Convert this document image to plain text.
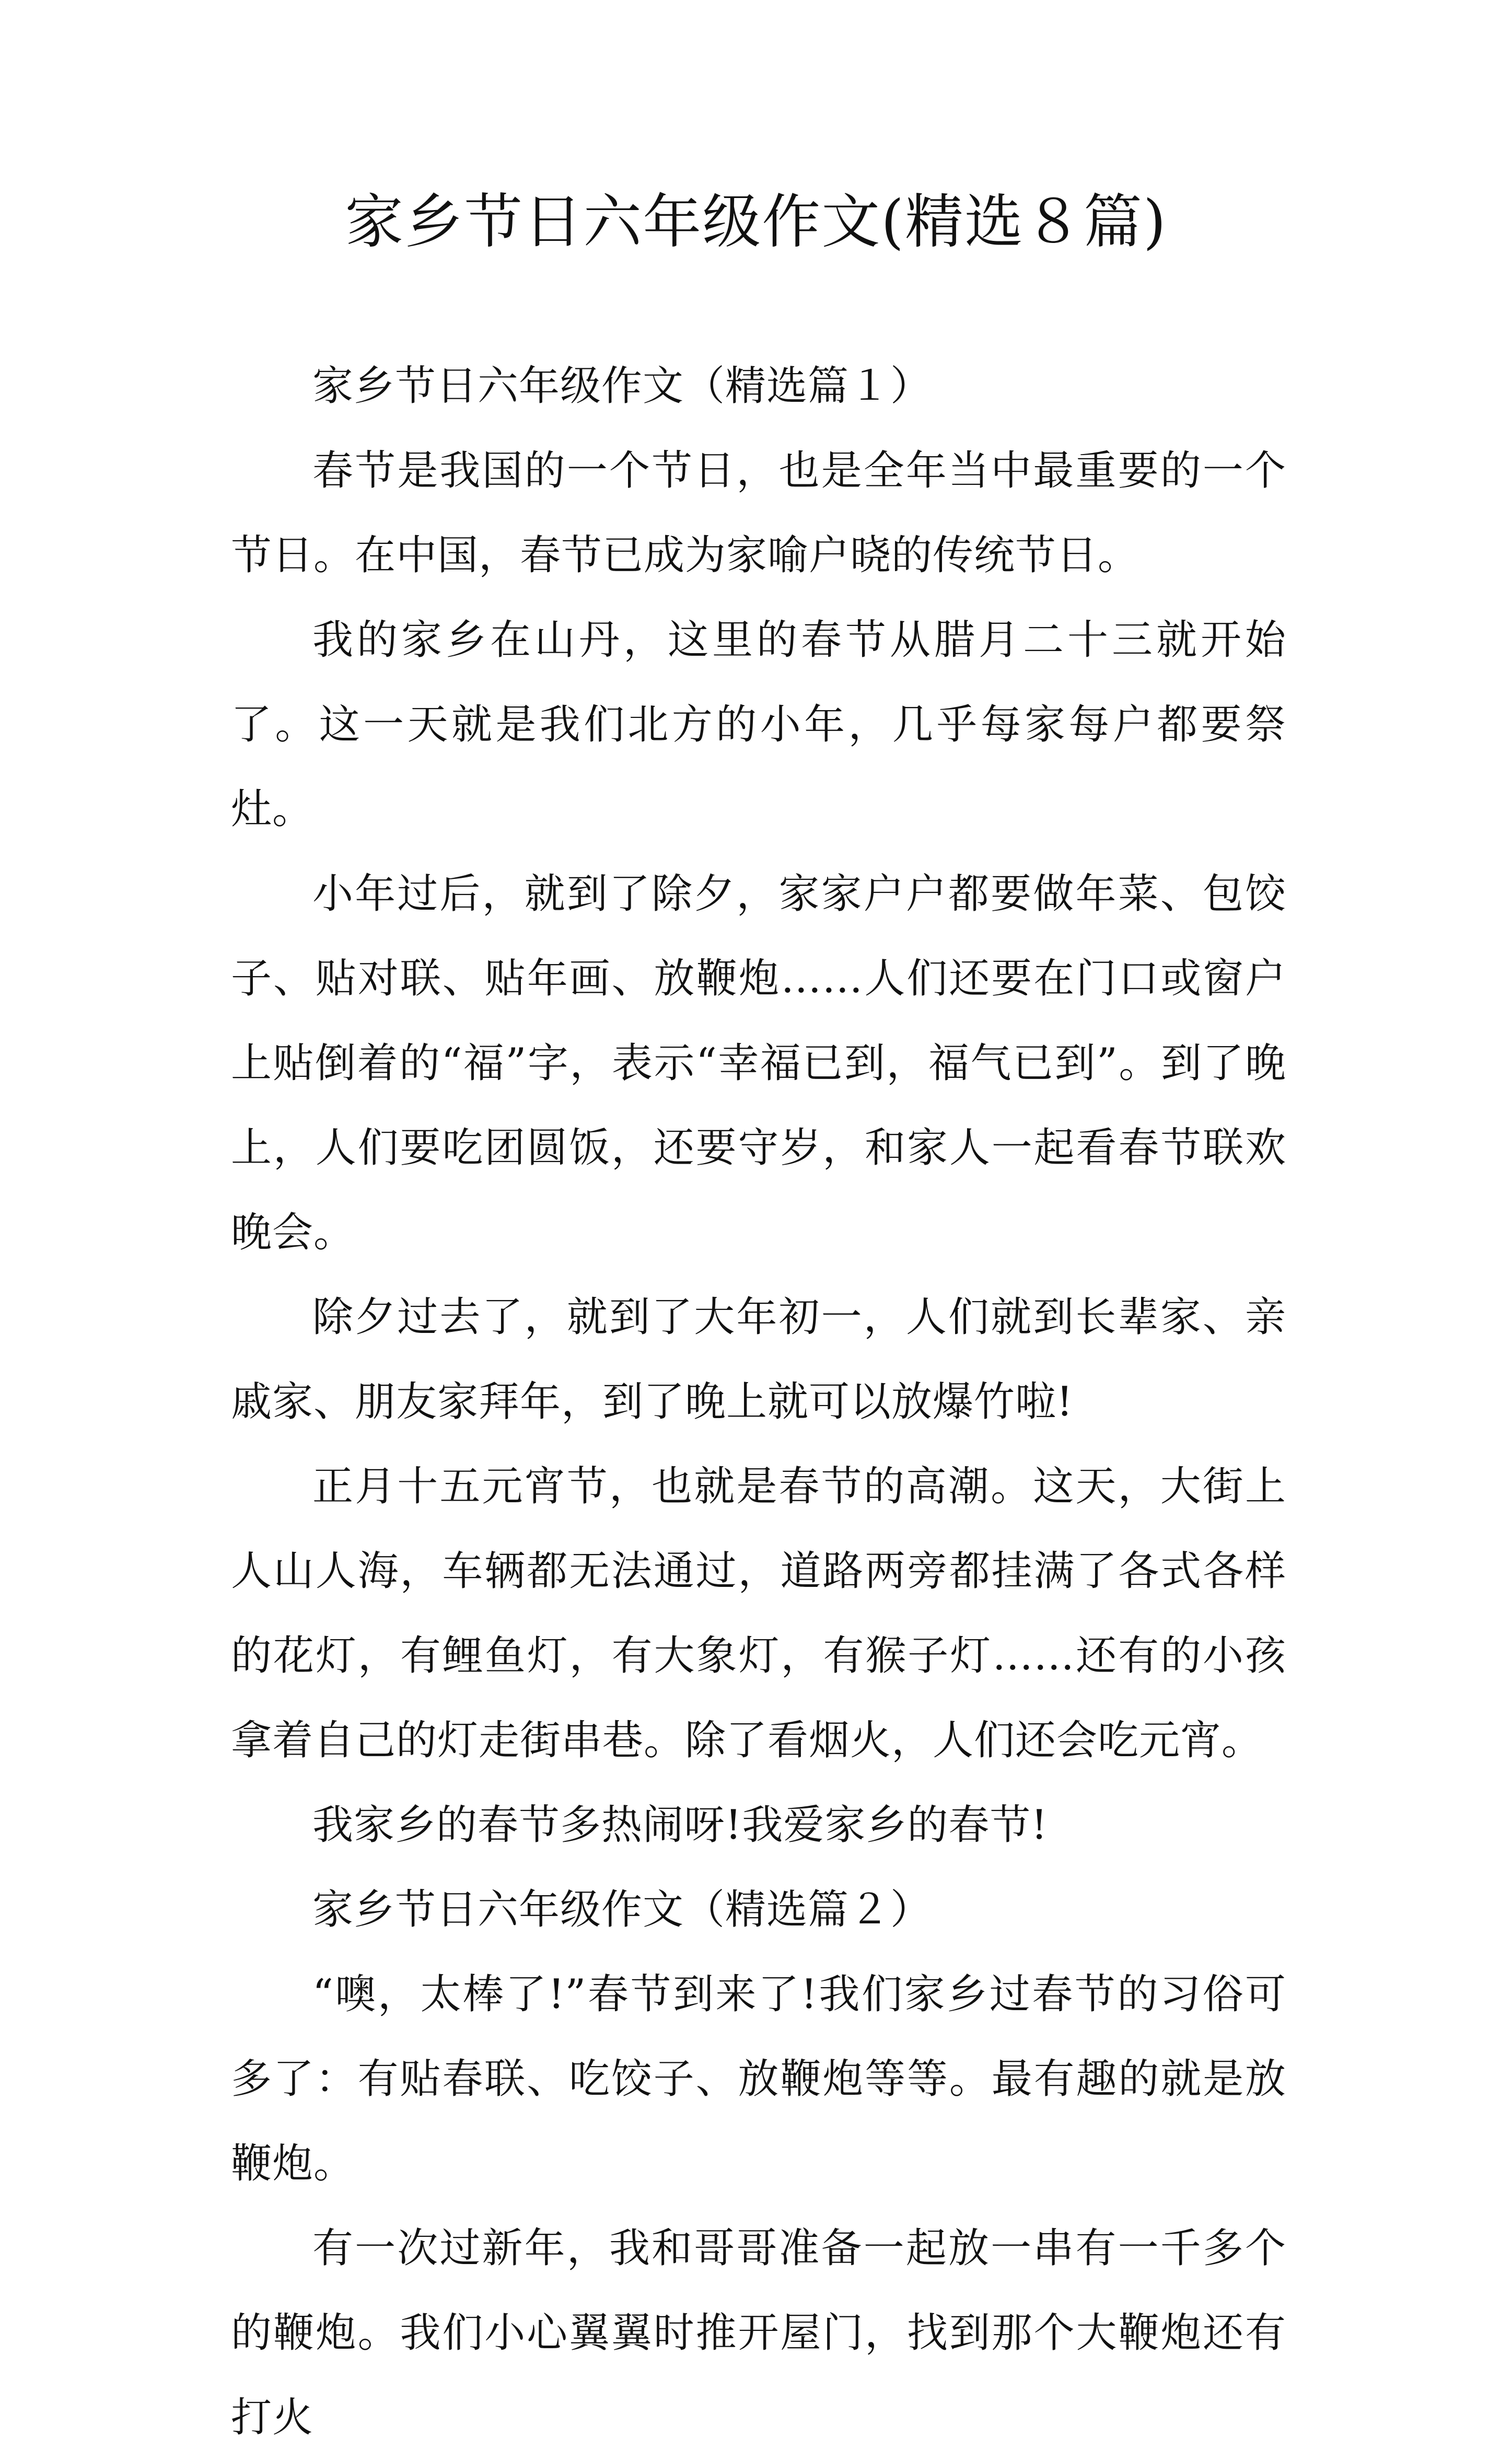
家乡节日六年级作文(精选８篇)

家乡节日六年级作文（精选篇１）

春节是我国的一个节日，也是全年当中最重要的一个节日。在中国，春节已成为家喻户晓的传统节日。

我的家乡在山丹，这里的春节从腊月二十三就开始了。这一天就是我们北方的小年，几乎每家每户都要祭灶。

小年过后，就到了除夕，家家户户都要做年菜、包饺子、贴对联、贴年画、放鞭炮……人们还要在门口或窗户上贴倒着的“福”字，表示“幸福已到，福气已到”。到了晚上，人们要吃团圆饭，还要守岁，和家人一起看春节联欢晚会。

除夕过去了，就到了大年初一，人们就到长辈家、亲戚家、朋友家拜年，到了晚上就可以放爆竹啦!

正月十五元宵节，也就是春节的高潮。这天，大街上人山人海，车辆都无法通过，道路两旁都挂满了各式各样的花灯，有鲤鱼灯，有大象灯，有猴子灯……还有的小孩拿着自己的灯走街串巷。除了看烟火，人们还会吃元宵。

我家乡的春节多热闹呀!我爱家乡的春节!

家乡节日六年级作文（精选篇２）

“噢，太棒了!”春节到来了!我们家乡过春节的习俗可多了：有贴春联、吃饺子、放鞭炮等等。最有趣的就是放鞭炮。

有一次过新年，我和哥哥准备一起放一串有一千多个的鞭炮。我们小心翼翼时推开屋门，找到那个大鞭炮还有打火
